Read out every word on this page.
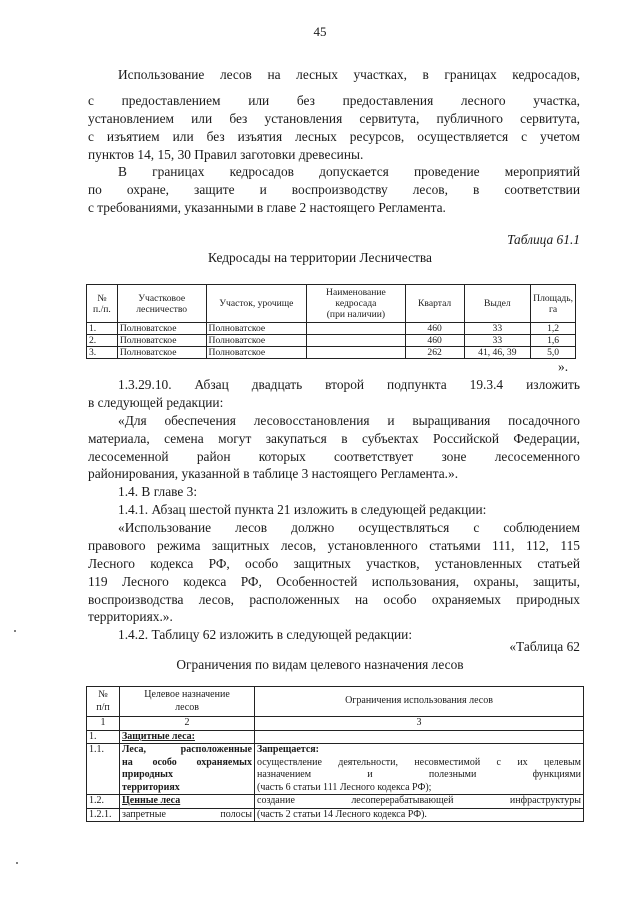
45
Использование лесов на лесных участках, в границах кедросадов,
с предоставлением или без предоставления лесного участка,
установлением или без установления сервитута, публичного сервитута,
с изъятием или без изъятия лесных ресурсов, осуществляется с учетом
пунктов 14, 15, 30 Правил заготовки древесины.
В границах кедросадов допускается проведение мероприятий
по охране, защите и воспроизводству лесов, в соответствии
с требованиями, указанными в главе 2 настоящего Регламента.
Таблица 61.1
Кедросады на территории Лесничества
№
п./п.	Участковое
лесничество	Участок, урочище	Наименование
кедросада
(при наличии)	Квартал	Выдел	Площадь,
га
1.	Полноватское	Полноватское		460	33	1,2
2.	Полноватское	Полноватское		460	33	1,6
3.	Полноватское	Полноватское		262	41, 46, 39	5,0
».
1.3.29.10. Абзац двадцать второй подпункта 19.3.4 изложить
в следующей редакции:
«Для обеспечения лесовосстановления и выращивания посадочного
материала, семена могут закупаться в субъектах Российской Федерации,
лесосеменной район которых соответствует зоне лесосеменного
районирования, указанной в таблице 3 настоящего Регламента.».
1.4. В главе 3:
1.4.1. Абзац шестой пункта 21 изложить в следующей редакции:
«Использование лесов должно осуществляться с соблюдением
правового режима защитных лесов, установленного статьями 111, 112, 115
Лесного кодекса РФ, особо защитных участков, установленных статьей
119 Лесного кодекса РФ, Особенностей использования, охраны, защиты,
воспроизводства лесов, расположенных на особо охраняемых природных
территориях.».
1.4.2. Таблицу 62 изложить в следующей редакции:
«Таблица 62
Ограничения по видам целевого назначения лесов
№
п/п	Целевое назначение
лесов	Ограничения использования лесов
1	2	3
1.	Защитные леса:	
1.1.	Леса, расположенные
на особо охраняемых
природных
территориях	Запрещается:
осуществление деятельности, несовместимой с их целевым
назначением и полезными функциями
(часть 6 статьи 111 Лесного кодекса РФ);

1.2.	Ценные леса	создание лесоперерабатывающей инфраструктуры

1.2.1.	запретные полосы	(часть 2 статьи 14 Лесного кодекса РФ).
